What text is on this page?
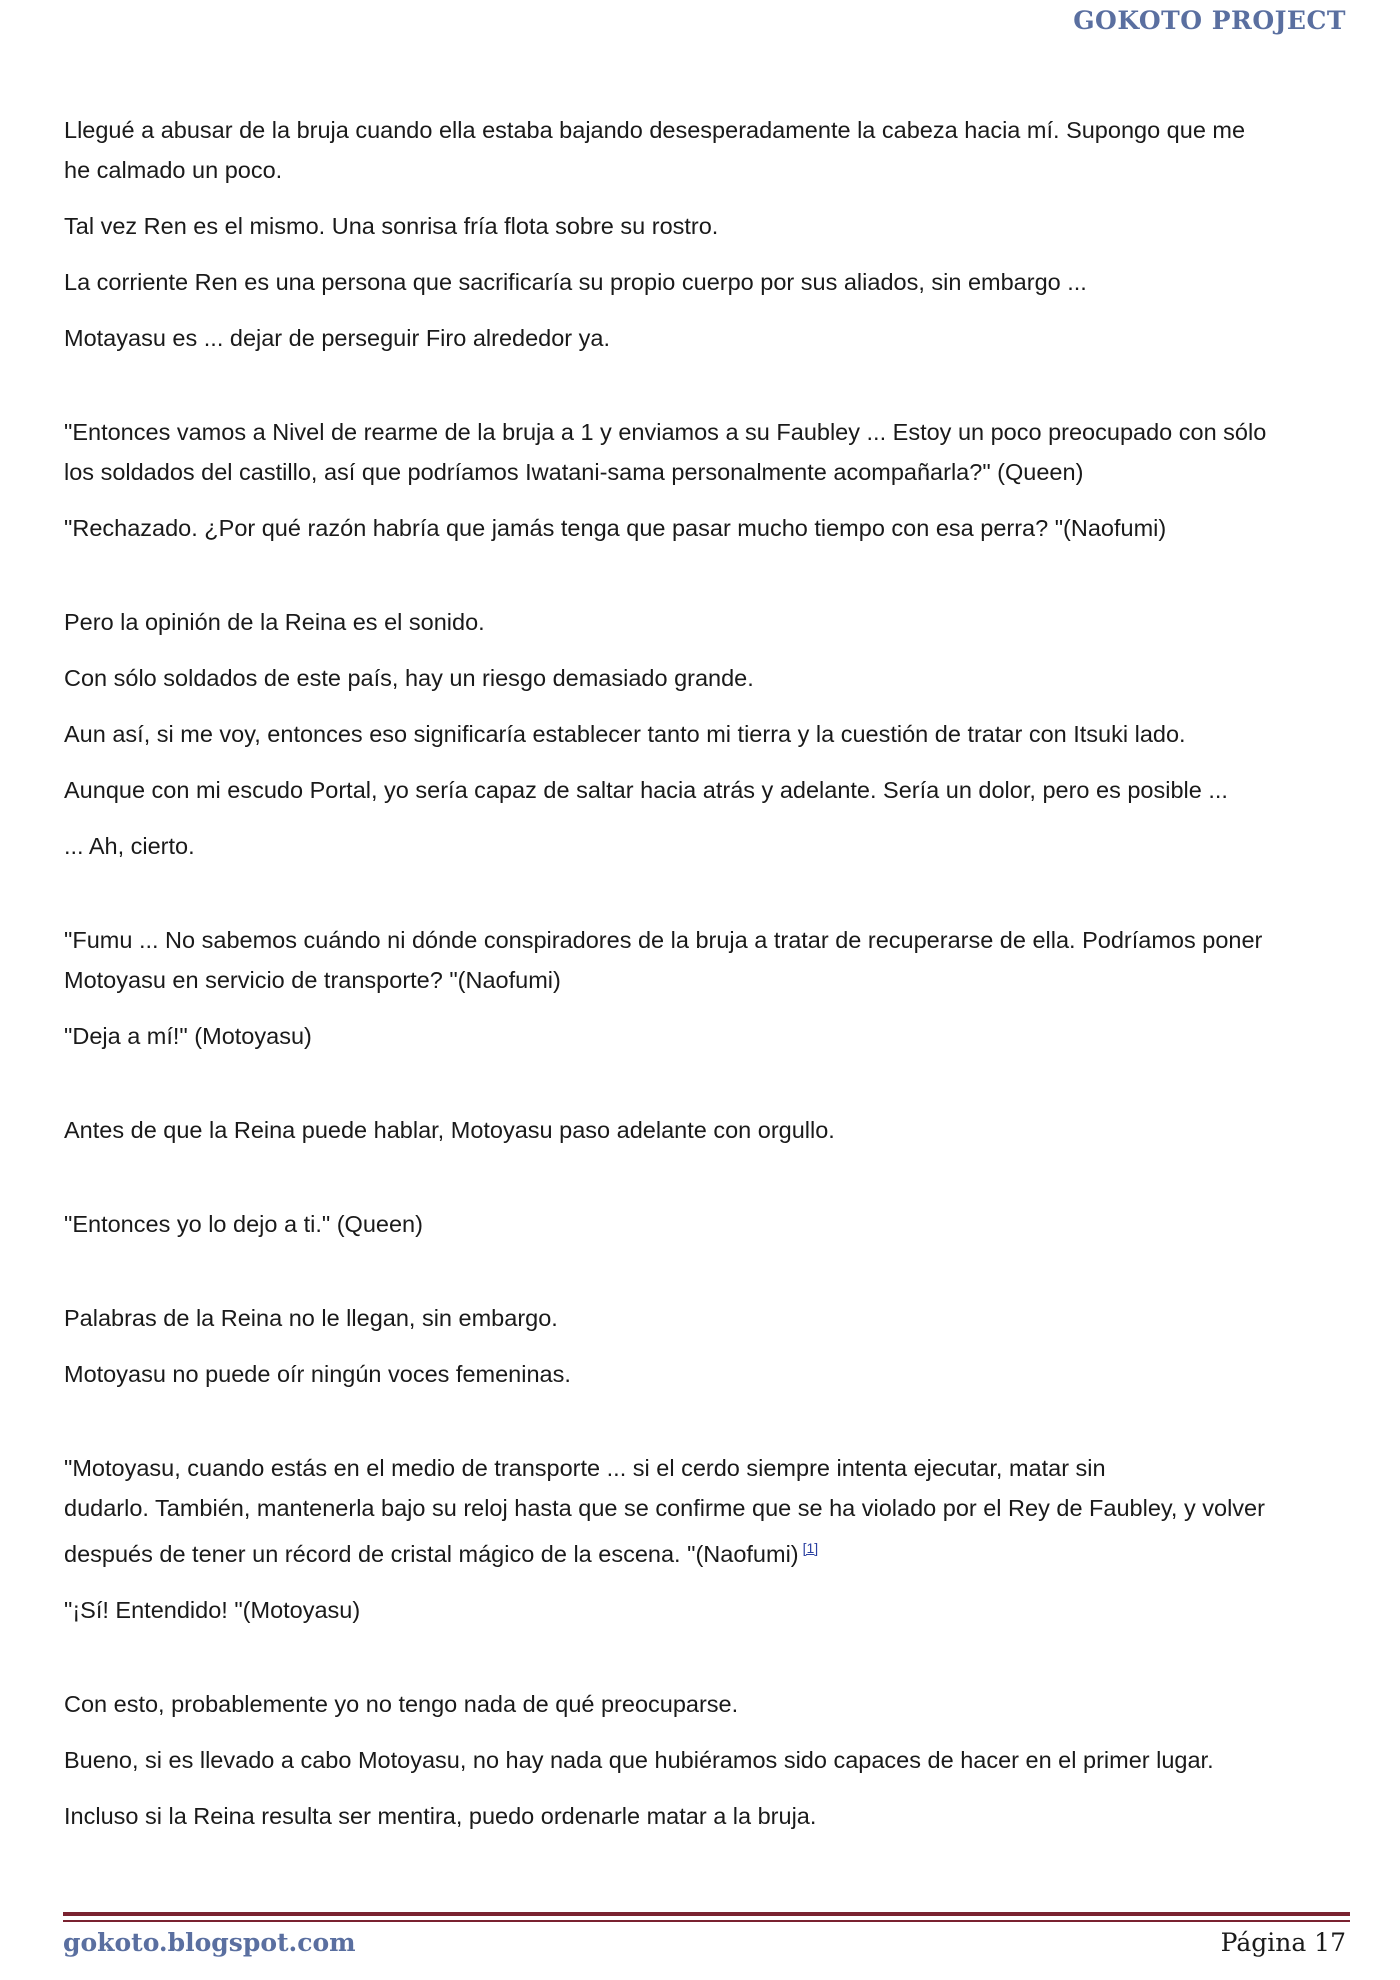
GOKOTO PROJECT

Llegué a abusar de la bruja cuando ella estaba bajando desesperadamente la cabeza hacia mí. Supongo que me
he calmado un poco.

Tal vez Ren es el mismo. Una sonrisa fría flota sobre su rostro.

La corriente Ren es una persona que sacrificaría su propio cuerpo por sus aliados, sin embargo ...

Motayasu es ... dejar de perseguir Firo alrededor ya.

"Entonces vamos a Nivel de rearme de la bruja a 1 y enviamos a su Faubley ... Estoy un poco preocupado con sólo
los soldados del castillo, así que podríamos Iwatani-sama personalmente acompañarla?" (Queen)

"Rechazado. ¿Por qué razón habría que jamás tenga que pasar mucho tiempo con esa perra? "(Naofumi)

Pero la opinión de la Reina es el sonido.

Con sólo soldados de este país, hay un riesgo demasiado grande.

Aun así, si me voy, entonces eso significaría establecer tanto mi tierra y la cuestión de tratar con Itsuki lado.

Aunque con mi escudo Portal, yo sería capaz de saltar hacia atrás y adelante. Sería un dolor, pero es posible ...

... Ah, cierto.

"Fumu ... No sabemos cuándo ni dónde conspiradores de la bruja a tratar de recuperarse de ella. Podríamos poner
Motoyasu en servicio de transporte? "(Naofumi)

"Deja a mí!" (Motoyasu)

Antes de que la Reina puede hablar, Motoyasu paso adelante con orgullo.

"Entonces yo lo dejo a ti." (Queen)

Palabras de la Reina no le llegan, sin embargo.

Motoyasu no puede oír ningún voces femeninas.

"Motoyasu, cuando estás en el medio de transporte ... si el cerdo siempre intenta ejecutar, matar sin
dudarlo. También, mantenerla bajo su reloj hasta que se confirme que se ha violado por el Rey de Faubley, y volver
después de tener un récord de cristal mágico de la escena. "(Naofumi) [1]

"¡Sí! Entendido! "(Motoyasu)

Con esto, probablemente yo no tengo nada de qué preocuparse.

Bueno, si es llevado a cabo Motoyasu, no hay nada que hubiéramos sido capaces de hacer en el primer lugar.

Incluso si la Reina resulta ser mentira, puedo ordenarle matar a la bruja.

gokoto.blogspot.com	Página 17
